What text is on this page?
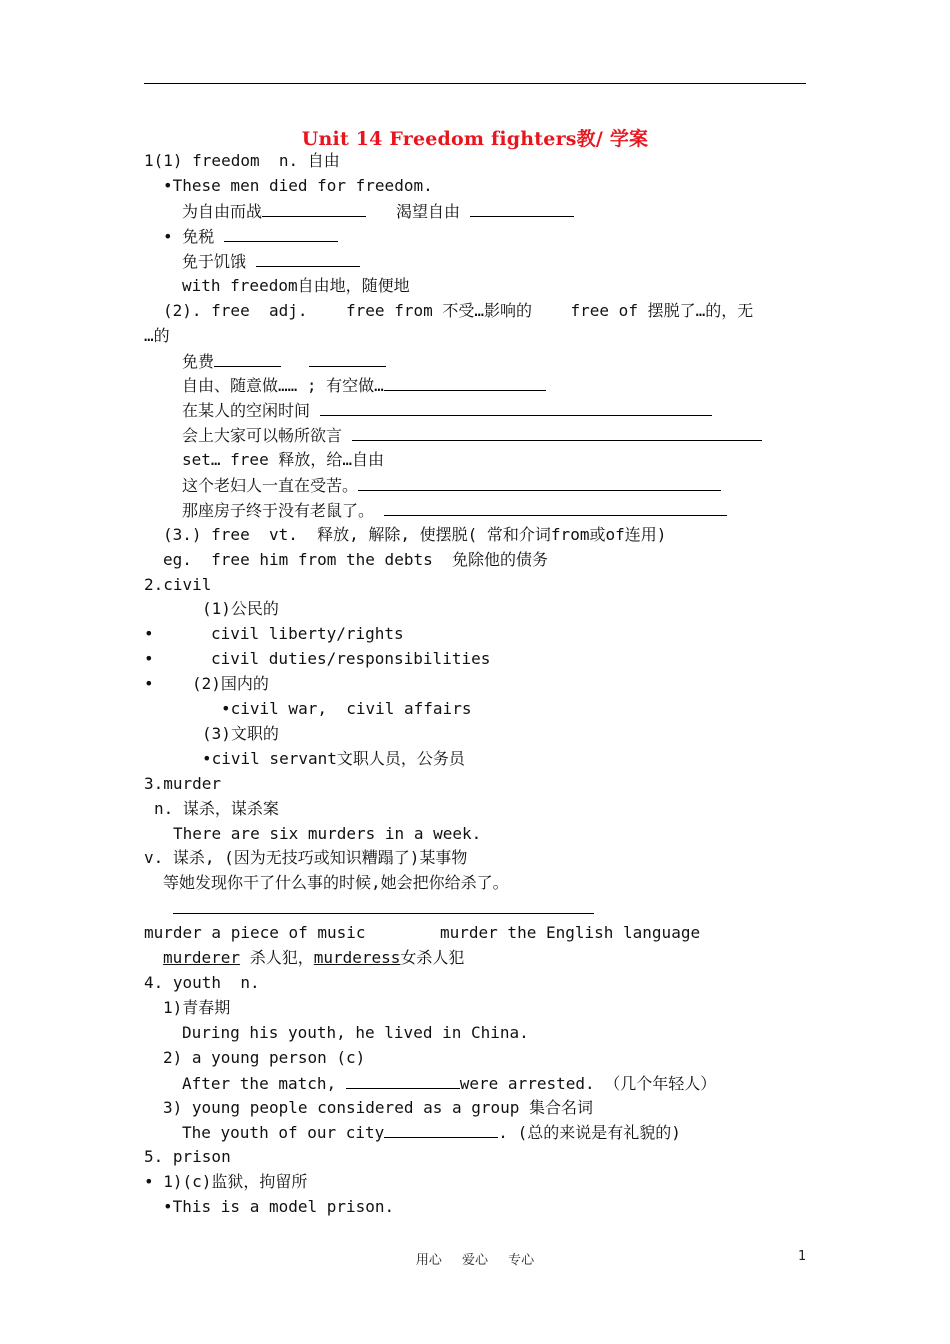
Unit 14 Freedom fighters教/ 学案
1(1) freedom  n. 自由
•These men died for freedom.
为自由而战	渴望自由
• 免税
免于饥饿
with freedom自由地，随便地
(2). free  adj.    free from 不受…影响的    free of 摆脱了…的，无
…的
免费
自由、随意做…… ; 有空做…
在某人的空闲时间
会上大家可以畅所欲言
set… free 释放，给…自由
这个老妇人一直在受苦。
那座房子终于没有老鼠了。
(3.) free  vt.  释放, 解除, 使摆脱( 常和介词from或of连用)
eg.  free him from the debts  免除他的债务
2.civil
(1)公民的
•	civil liberty/rights
•	civil duties/responsibilities
• (2)国内的
•civil war,  civil affairs
(3)文职的
•civil servant文职人员，公务员
3.murder
n. 谋杀，谋杀案
There are six murders in a week.
v. 谋杀, (因为无技巧或知识糟蹋了)某事物
等她发现你干了什么事的时候,她会把你给杀了。
murder a piece of music	murder the English language
murderer 杀人犯，murderess女杀人犯
4. youth  n.
1)青春期
During his youth, he lived in China.
2) a young person (c)
After the match,	were arrested. （几个年轻人）
3) young people considered as a group 集合名词
The youth of our city	. (总的来说是有礼貌的)
5. prison
• 1)(c)监狱，拘留所
•This is a model prison.
用心 爱心 专心	1
